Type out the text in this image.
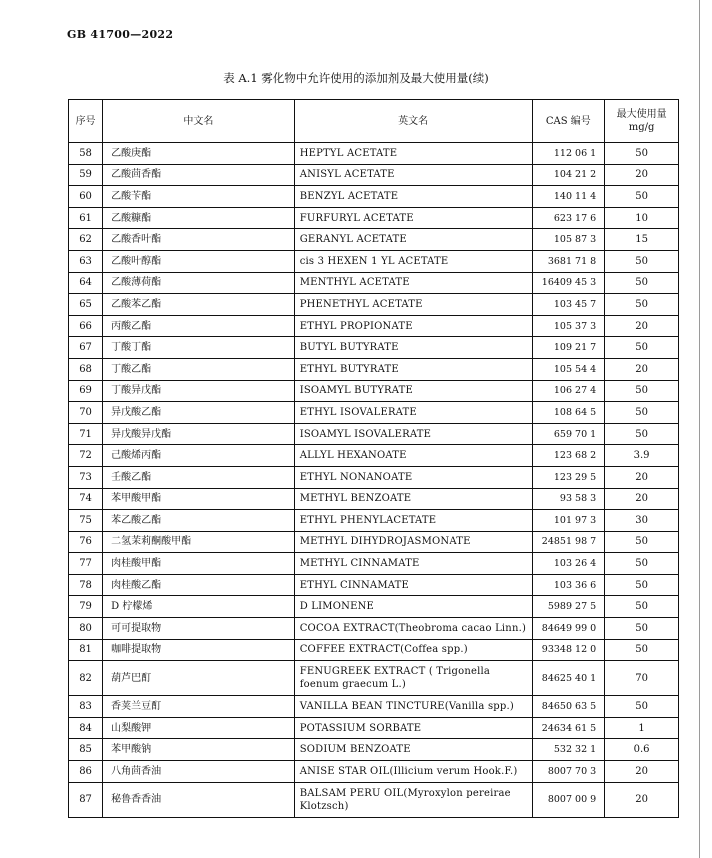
GB 41700—2022
表 A.1 雾化物中允许使用的添加剂及最大使用量(续)
序号	中文名	英文名	CAS 编号	最大使用量 mg/g
58	乙酸庚酯	HEPTYL ACETATE	112 06 1	50
59	乙酸茴香酯	ANISYL ACETATE	104 21 2	20
60	乙酸苄酯	BENZYL ACETATE	140 11 4	50
61	乙酸糠酯	FURFURYL ACETATE	623 17 6	10
62	乙酸香叶酯	GERANYL ACETATE	105 87 3	15
63	乙酸叶醇酯	cis 3 HEXEN 1 YL ACETATE	3681 71 8	50
64	乙酸薄荷酯	MENTHYL ACETATE	16409 45 3	50
65	乙酸苯乙酯	PHENETHYL ACETATE	103 45 7	50
66	丙酸乙酯	ETHYL PROPIONATE	105 37 3	20
67	丁酸丁酯	BUTYL BUTYRATE	109 21 7	50
68	丁酸乙酯	ETHYL BUTYRATE	105 54 4	20
69	丁酸异戊酯	ISOAMYL BUTYRATE	106 27 4	50
70	异戊酸乙酯	ETHYL ISOVALERATE	108 64 5	50
71	异戊酸异戊酯	ISOAMYL ISOVALERATE	659 70 1	50
72	己酸烯丙酯	ALLYL HEXANOATE	123 68 2	3.9
73	壬酸乙酯	ETHYL NONANOATE	123 29 5	20
74	苯甲酸甲酯	METHYL BENZOATE	93 58 3	20
75	苯乙酸乙酯	ETHYL PHENYLACETATE	101 97 3	30
76	二氢茉莉酮酸甲酯	METHYL DIHYDROJASMONATE	24851 98 7	50
77	肉桂酸甲酯	METHYL CINNAMATE	103 26 4	50
78	肉桂酸乙酯	ETHYL CINNAMATE	103 36 6	50
79	D 柠檬烯	D LIMONENE	5989 27 5	50
80	可可提取物	COCOA EXTRACT(Theobroma cacao Linn.)	84649 99 0	50
81	咖啡提取物	COFFEE EXTRACT(Coffea spp.)	93348 12 0	50
82	葫芦巴酊	FENUGREEK EXTRACT ( Trigonella foenum graecum L.)	84625 40 1	70
83	香荚兰豆酊	VANILLA BEAN TINCTURE(Vanilla spp.)	84650 63 5	50
84	山梨酸钾	POTASSIUM SORBATE	24634 61 5	1
85	苯甲酸钠	SODIUM BENZOATE	532 32 1	0.6
86	八角茴香油	ANISE STAR OIL(Illicium verum Hook.F.)	8007 70 3	20
87	秘鲁香香油	BALSAM PERU OIL(Myroxylon pereirae Klotzsch)	8007 00 9	20
